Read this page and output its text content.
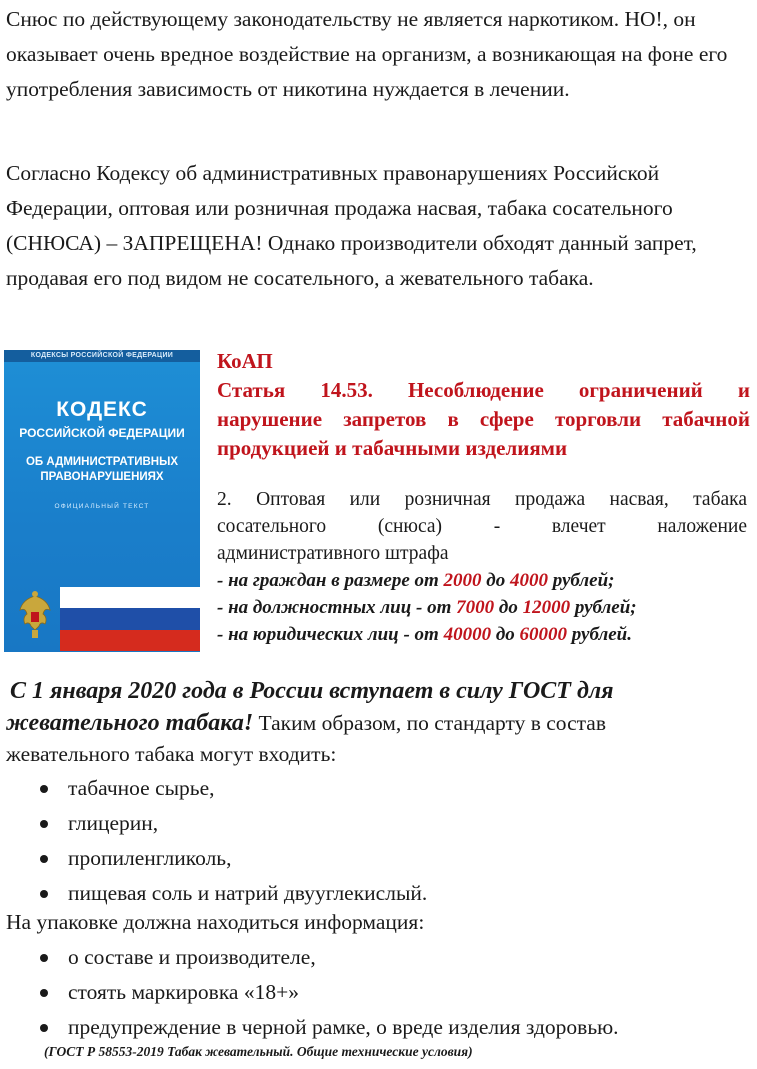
Снюс по действующему законодательству не является наркотиком. НО!, он оказывает очень вредное воздействие на организм, а возникающая на фоне его употребления зависимость от никотина нуждается в лечении.
Согласно Кодексу об административных правонарушениях Российской Федерации, оптовая или розничная продажа насвая, табака сосательного (СНЮСА) – ЗАПРЕЩЕНА! Однако производители обходят данный запрет, продавая его под видом не сосательного, а жевательного табака.
КОДЕКСЫ РОССИЙСКОЙ ФЕДЕРАЦИИ
КОДЕКС
РОССИЙСКОЙ ФЕДЕРАЦИИ
ОБ АДМИНИСТРАТИВНЫХ
ПРАВОНАРУШЕНИЯХ
ОФИЦИАЛЬНЫЙ ТЕКСТ
КоАП
Статья 14.53. Несоблюдение ограничений и
нарушение запретов в сфере торговли табачной
продукцией и табачными изделиями
2. Оптовая или розничная продажа насвая, табака
сосательного (снюса) - влечет наложение
административного штрафа
- на граждан в размере от 2000 до 4000 рублей;
- на должностных лиц - от 7000 до 12000 рублей;
- на юридических лиц - от 40000 до 60000 рублей.
С 1 января 2020 года в России вступает в силу ГОСТ для
жевательного табака! Таким образом, по стандарту в состав
жевательного табака могут входить:
табачное сырье,
глицерин,
пропиленгликоль,
пищевая соль и натрий двууглекислый.
На упаковке должна находиться информация:
о составе и производителе,
стоять маркировка «18+»
предупреждение в черной рамке, о вреде изделия здоровью.
(ГОСТ Р 58553-2019 Табак жевательный. Общие технические условия)
